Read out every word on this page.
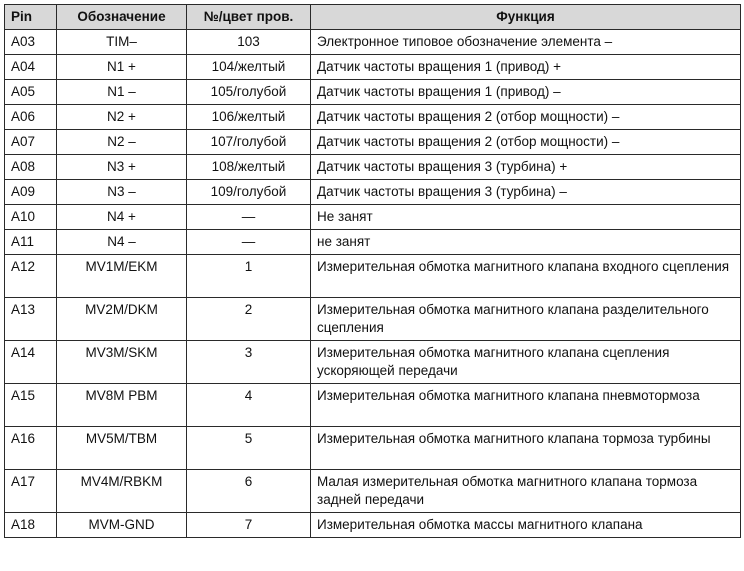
Pin	Обозначение	№/цвет пров.	Функция
A03	TIM–	103	Электронное типовое обозначение элемента –
A04	N1 +	104/желтый	Датчик частоты вращения 1 (привод) +
A05	N1 –	105/голубой	Датчик частоты вращения 1 (привод) –
A06	N2 +	106/желтый	Датчик частоты вращения 2 (отбор мощности) –
A07	N2 –	107/голубой	Датчик частоты вращения 2 (отбор мощности) –
A08	N3 +	108/желтый	Датчик частоты вращения 3 (турбина) +
A09	N3 –	109/голубой	Датчик частоты вращения 3 (турбина) –
A10	N4 +	—	Не занят
A11	N4 –	—	не занят
A12	MV1M/EKM	1	Измерительная обмотка магнитного клапана входного сцепления
A13	MV2M/DKM	2	Измерительная обмотка магнитного клапана разделительного сцепления
A14	MV3M/SKM	3	Измерительная обмотка магнитного клапана сцепления ускоряющей передачи
A15	MV8M PBM	4	Измерительная обмотка магнитного клапана пневмотормоза
A16	MV5M/TBM	5	Измерительная обмотка магнитного клапана тормоза турбины
A17	MV4M/RBKM	6	Малая измерительная обмотка магнитного клапана тормоза задней передачи
A18	MVM-GND	7	Измерительная обмотка массы магнитного клапана
